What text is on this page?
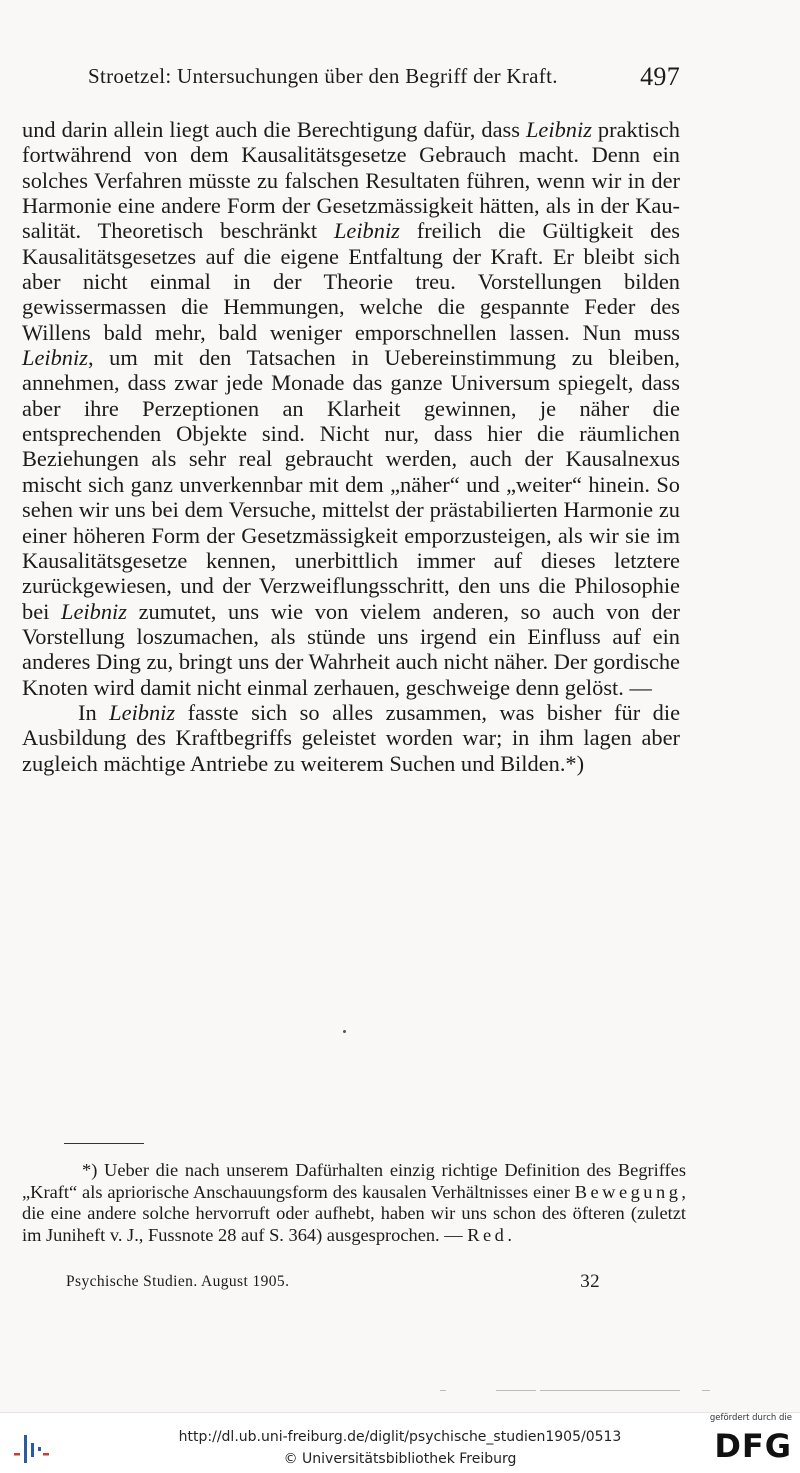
Stroetzel: Untersuchungen über den Begriff der Kraft.	497

und darin allein liegt auch die Berechtigung dafür, dass Leibniz praktisch fortwährend von dem Kausalitätsgesetze Gebrauch macht. Denn ein solches Verfahren müsste zu falschen Resultaten führen, wenn wir in der Harmonie eine andere Form der Gesetzmässigkeit hätten, als in der Kausalität. Theoretisch beschränkt Leibniz freilich die Gültigkeit des Kausalitätsgesetzes auf die eigene Entfaltung der Kraft. Er bleibt sich aber nicht einmal in der Theorie treu. Vorstellungen bilden gewissermassen die Hemmungen, welche die gespannte Feder des Willens bald mehr, bald weniger emporschnellen lassen. Nun muss Leibniz, um mit den Tatsachen in Uebereinstimmung zu bleiben, annehmen, dass zwar jede Monade das ganze Universum spiegelt, dass aber ihre Perzeptionen an Klarheit gewinnen, je näher die entsprechenden Objekte sind. Nicht nur, dass hier die räumlichen Beziehungen als sehr real gebraucht werden, auch der Kausalnexus mischt sich ganz unverkennbar mit dem „näher“ und „weiter“ hinein. So sehen wir uns bei dem Versuche, mittelst der prästabilierten Harmonie zu einer höheren Form der Gesetzmässigkeit emporzusteigen, als wir sie im Kausalitätsgesetze kennen, unerbittlich immer auf dieses letztere zurückgewiesen, und der Verzweiflungsschritt, den uns die Philosophie bei Leibniz zumutet, uns wie von vielem anderen, so auch von der Vorstellung loszumachen, als stünde uns irgend ein Einfluss auf ein anderes Ding zu, bringt uns der Wahrheit auch nicht näher. Der gordische Knoten wird damit nicht einmal zerhauen, geschweige denn gelöst. —

In Leibniz fasste sich so alles zusammen, was bisher für die Ausbildung des Kraftbegriffs geleistet worden war; in ihm lagen aber zugleich mächtige Antriebe zu weiterem Suchen und Bilden.*)

*) Ueber die nach unserem Dafürhalten einzig richtige Definition des Begriffes „Kraft“ als apriorische Anschauungsform des kausalen Verhältnisses einer Bewegung, die eine andere solche hervorruft oder aufhebt, haben wir uns schon des öfteren (zuletzt im Juniheft v. J., Fussnote 28 auf S. 364) ausgesprochen. — Red.

Psychische Studien. August 1905.	32
http://dl.ub.uni-freiburg.de/diglit/psychische_studien1905/0513
© Universitätsbibliothek Freiburg
gefördert durch die
DFG
